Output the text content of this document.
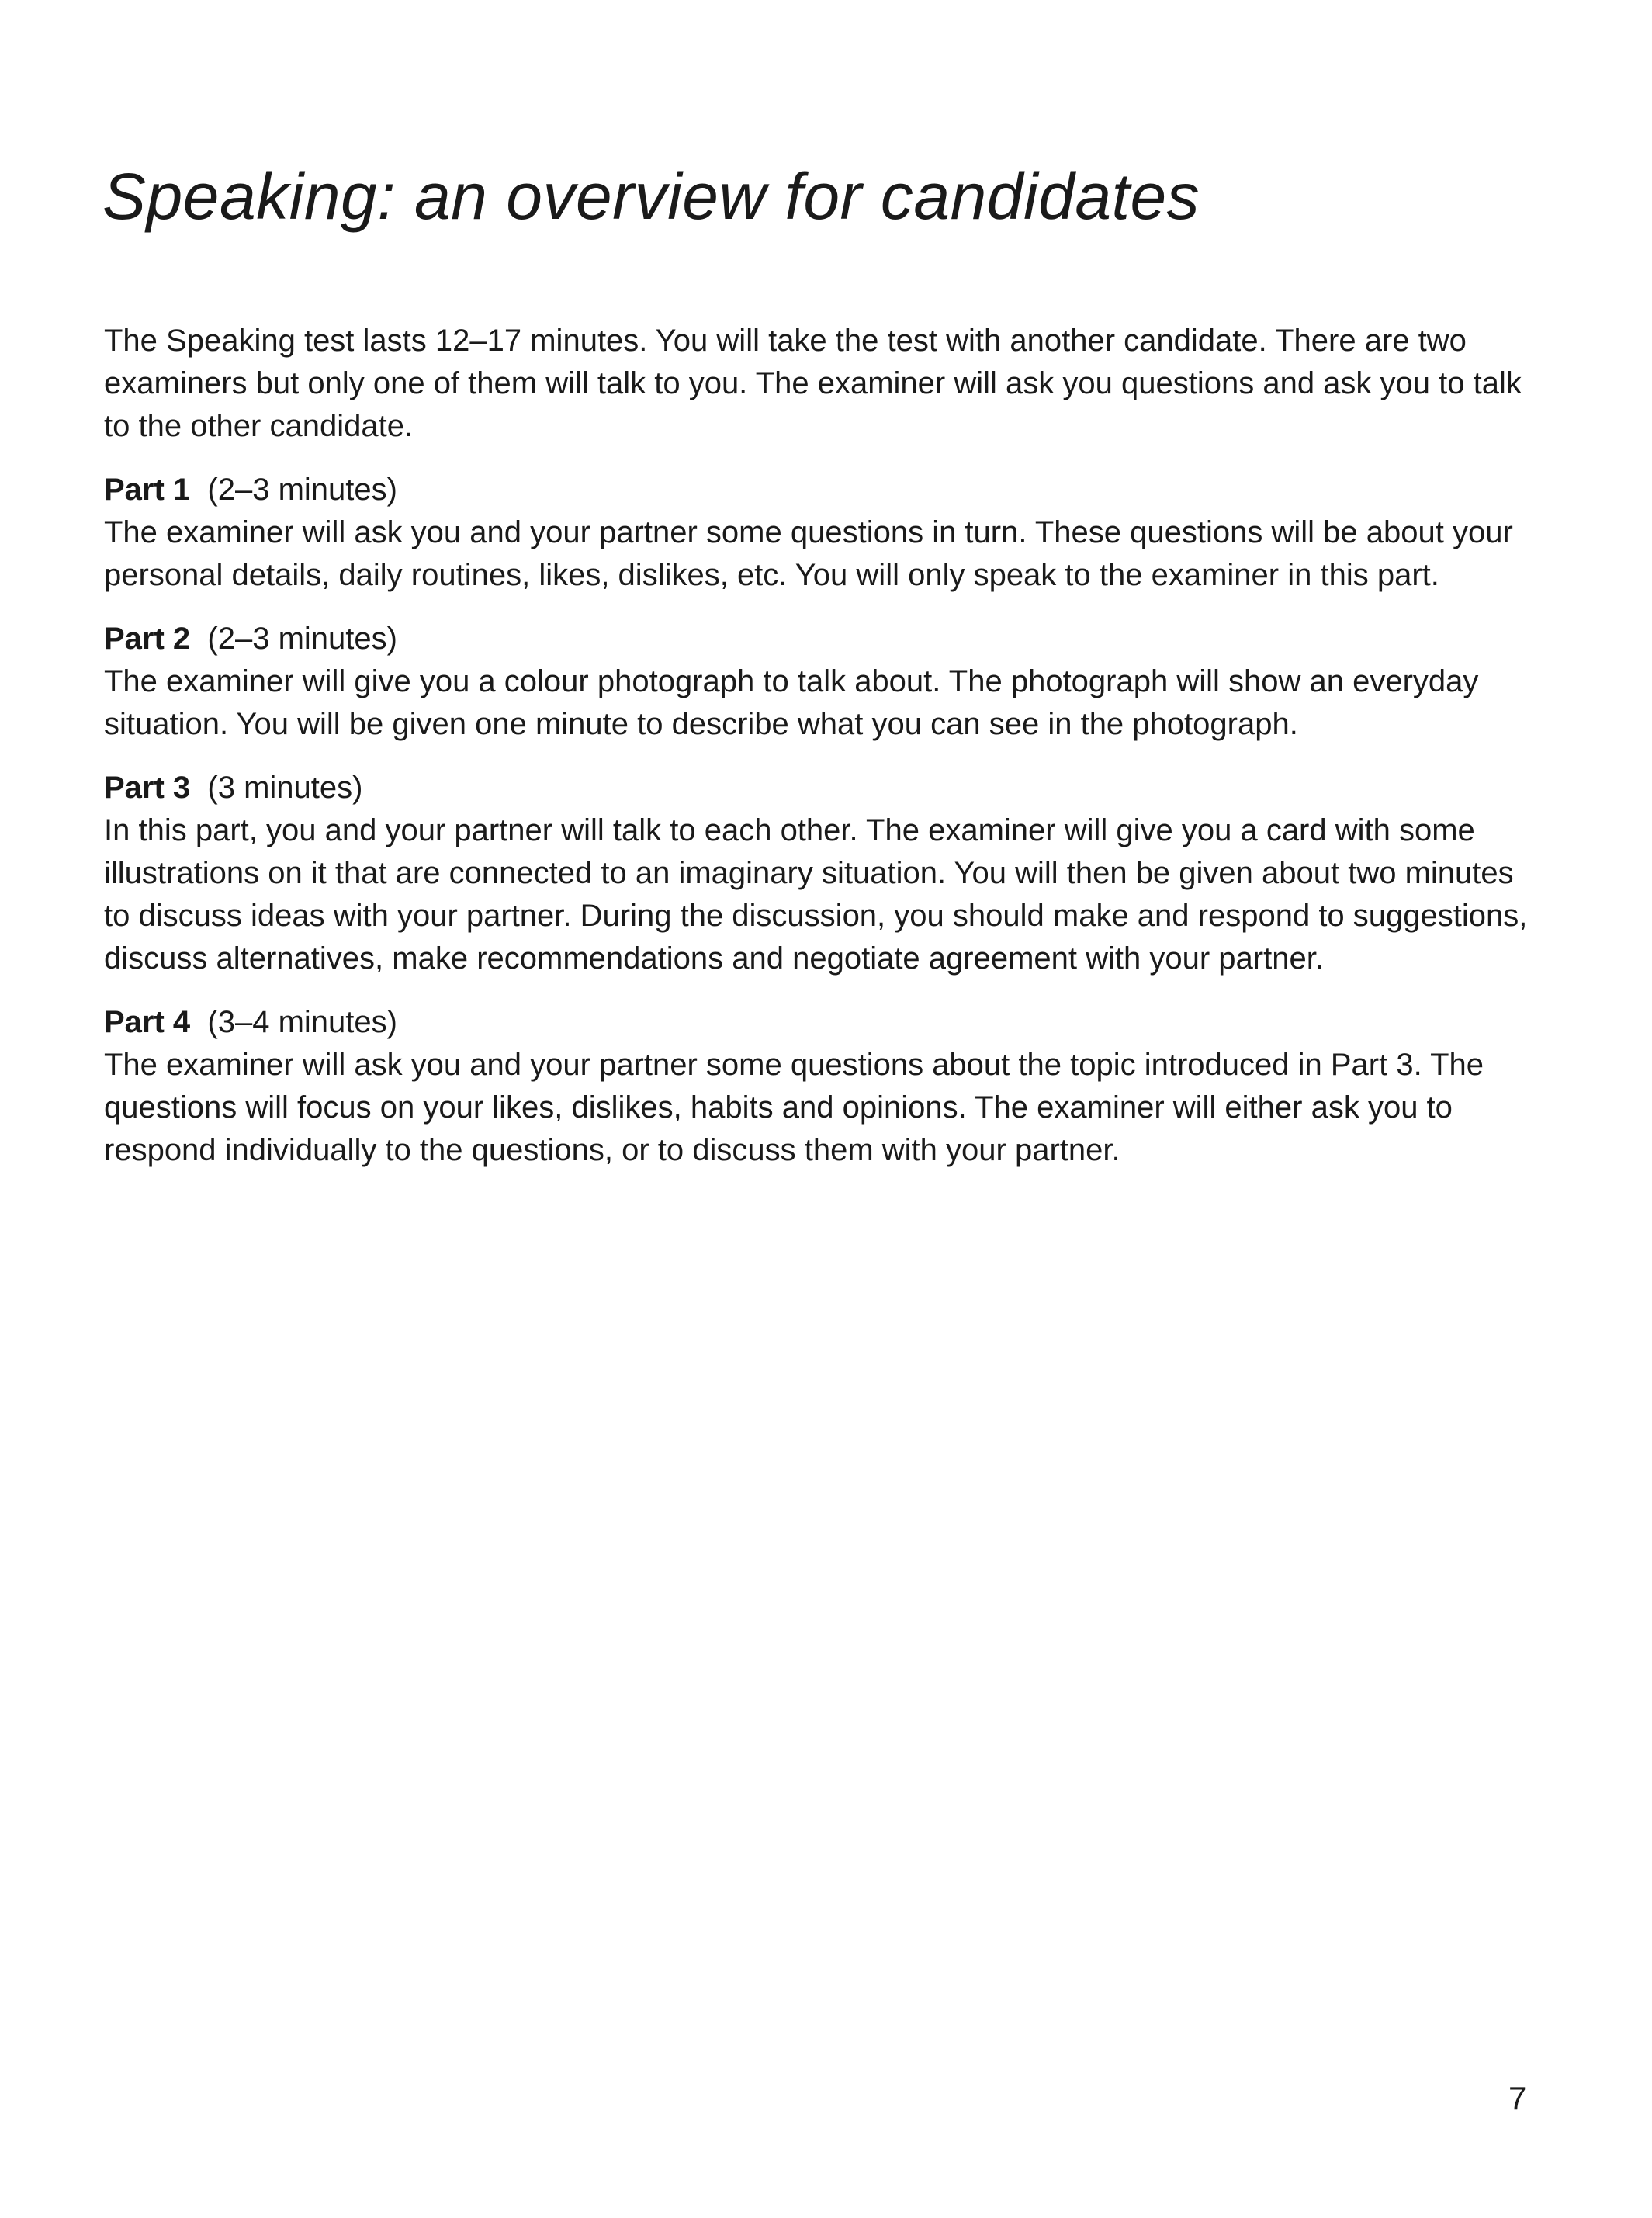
Speaking: an overview for candidates

The Speaking test lasts 12–17 minutes. You will take the test with another candidate. There are two examiners but only one of them will talk to you. The examiner will ask you questions and ask you to talk to the other candidate.

Part 1 (2–3 minutes)

The examiner will ask you and your partner some questions in turn. These questions will be about your personal details, daily routines, likes, dislikes, etc. You will only speak to the examiner in this part.

Part 2 (2–3 minutes)

The examiner will give you a colour photograph to talk about. The photograph will show an everyday situation. You will be given one minute to describe what you can see in the photograph.

Part 3 (3 minutes)

In this part, you and your partner will talk to each other. The examiner will give you a card with some illustrations on it that are connected to an imaginary situation. You will then be given about two minutes to discuss ideas with your partner. During the discussion, you should make and respond to suggestions, discuss alternatives, make recommendations and negotiate agreement with your partner.

Part 4 (3–4 minutes)

The examiner will ask you and your partner some questions about the topic introduced in Part 3. The questions will focus on your likes, dislikes, habits and opinions. The examiner will either ask you to respond individually to the questions, or to discuss them with your partner.

7
